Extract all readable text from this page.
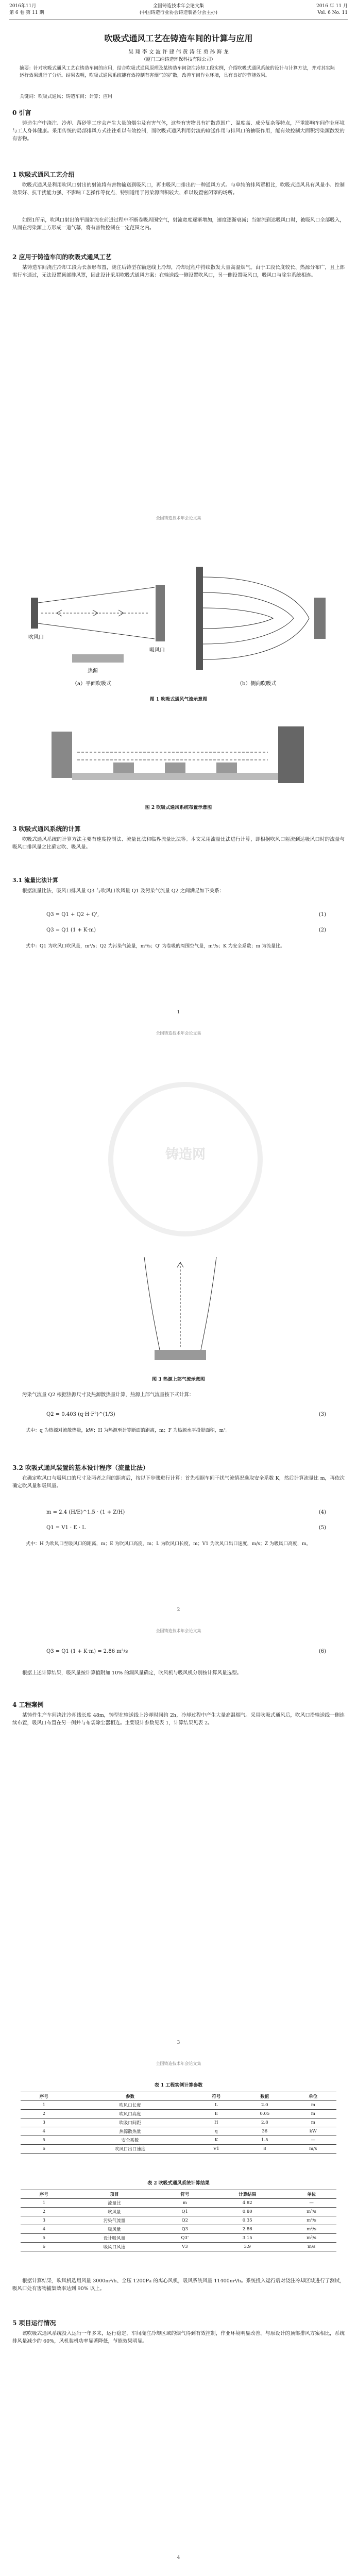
2016年11月
第 6 卷 第 11 期
全国铸造技术年会论文集
(中国铸造行业协会铸造装备分会主办)
2016 年 11 月
Vol. 6 No. 11
吹吸式通风工艺在铸造车间的计算与应用
吴 翔 李 文 波 许 建 伟 黄 涛 汪 勇 孙 海 龙
（厦门三维铸造环保科技有限公司）
摘要：针对吹吸式通风工艺在铸造车间的应用，结合吹吸式通风原理及某铸造车间浇注冷却工段实例，介绍吹吸式通风系统的设计与计算方法，并对其实际运行效果进行了分析。结果表明，吹吸式通风系统能有效控制有害烟气的扩散，改善车间作业环境，具有良好的节能效果。
关键词：吹吸式通风；铸造车间；计算；应用
0 引言
铸造生产中浇注、冷却、落砂等工序会产生大量的烟尘及有害气体，这些有害物具有扩散范围广、温度高、成分复杂等特点，严重影响车间作业环境与工人身体健康。采用传统的局部排风方式往往难以有效控制，而吹吸式通风利用射流的输送作用与排风口的抽吸作用，能有效控制大面积污染源散发的有害物。
1 吹吸式通风工艺介绍
吹吸式通风是利用吹风口射出的射流将有害物输送到吸风口，再由吸风口排出的一种通风方式。与单纯的排风罩相比，吹吸式通风具有风量小、控制效果好、抗干扰能力强、不影响工艺操作等优点，特别适用于污染源面积较大、难以设置密闭罩的场所。
如图1所示，吹风口射出的平面射流在前进过程中不断卷吸周围空气，射流宽度逐渐增加，速度逐渐衰减；当射流到达吸风口时，被吸风口全部吸入，从而在污染源上方形成一道气幕，将有害物控制在一定范围之内。
2 应用于铸造车间的吹吸式通风工艺
某铸造车间浇注冷却工段为长条形布置，浇注后铸型在输送线上冷却，冷却过程中持续散发大量高温烟气。由于工段长度较长、热源分布广，且上部需行车通过，无法设置顶部排风罩，因此设计采用吹吸式通风方案：在输送线一侧设置吹风口，另一侧设置吸风口，吸风口与除尘系统相连。
全国铸造技术年会论文集
吹风口
吸风口
热源
（a）平面吹吸式	（b）侧向吹吸式
图 1 吹吸式通风气流示意图
图 2 吹吸式通风系统布置示意图
3 吹吸式通风系统的计算
吹吸式通风系统的计算方法主要有速度控制法、流量比法和临界流量比法等。本文采用流量比法进行计算，即根据吹风口射流到达吸风口时的流量与吸风口排风量之比确定吹、吸风量。
3.1 流量比法计算
根据流量比法，吸风口排风量 Q3 与吹风口吹风量 Q1 及污染气流量 Q2 之间满足如下关系：
Q3 = Q1 + Q2 + Q',	(1)
Q3 = Q1 (1 + K·m)	(2)
式中：Q1 为吹风口吹风量，m³/s；Q2 为污染气流量，m³/s；Q' 为卷吸的周围空气量，m³/s；K 为安全系数；m 为流量比。
1
全国铸造技术年会论文集
铸造网
图 3 热源上部气流示意图
污染气流量 Q2 根据热源尺寸及热源散热量计算，热源上部气流量按下式计算：
Q2 = 0.403 (q·H·F²)^(1/3)	(3)
式中：q 为热源对流散热量，kW；H 为热源至计算断面的距离，m；F 为热源水平投影面积，m²。
3.2 吹吸式通风装置的基本设计程序（流量比法）
在确定吹风口与吸风口的尺寸及两者之间的距离后，按以下步骤进行计算：首先根据车间干扰气流情况选取安全系数 K，然后计算流量比 m，再依次确定吹风量和吸风量。
m = 2.4 (H/E)^1.5 · (1 + Z/H)	(4)
Q1 = V1 · E · L	(5)
式中：H 为吹风口至吸风口的距离，m；E 为吹风口高度，m；L 为吹风口长度，m；V1 为吹风口出口速度，m/s；Z 为吸风口高度，m。
2
全国铸造技术年会论文集
Q3 = Q1 (1 + K·m) = 2.86 m³/s	(6)
根据上述计算结果，吸风量按计算值附加 10% 的漏风量确定，吹风机与吸风机分别按计算风量选型。
4 工程案例
某铸件生产车间浇注冷却线长度 48m，铸型在输送线上冷却时间约 2h，冷却过程中产生大量高温烟气。采用吹吸式通风后，吹风口沿输送线一侧连续布置，吸风口布置在另一侧并与布袋除尘器相连。主要设计参数见表 1，计算结果见表 2。
3
全国铸造技术年会论文集
表 1 工程实例计算参数
序号	参数	符号	数值	单位
1	吹风口长度	L	2.0	m
2	吹风口高度	E	0.05	m
3	吹吸口间距	H	2.8	m
4	热源散热量	q	36	kW
5	安全系数	K	1.5	—
6	吹风口出口速度	V1	8	m/s
表 2 吹吸式通风系统计算结果
序号	项目	符号	计算结果	单位
1	流量比	m	4.82	—
2	吹风量	Q1	0.80	m³/s
3	污染气流量	Q2	0.35	m³/s
4	吸风量	Q3	2.86	m³/s
5	设计吸风量	Q3'	3.15	m³/s
6	吸风口风速	V3	3.9	m/s
根据计算结果，吹风机选用风量 3000m³/h、全压 1200Pa 的离心风机，吸风系统风量 11400m³/h。系统投入运行后对浇注冷却区域进行了测试，吸风口处有害物捕集效率达到 90% 以上。
5 项目运行情况
该吹吸式通风系统投入运行一年多来，运行稳定，车间浇注冷却区域的烟气得到有效控制，作业环境明显改善。与原设计的顶部排风方案相比，系统排风量减少约 60%，风机装机功率显著降低，节能效果明显。
4
